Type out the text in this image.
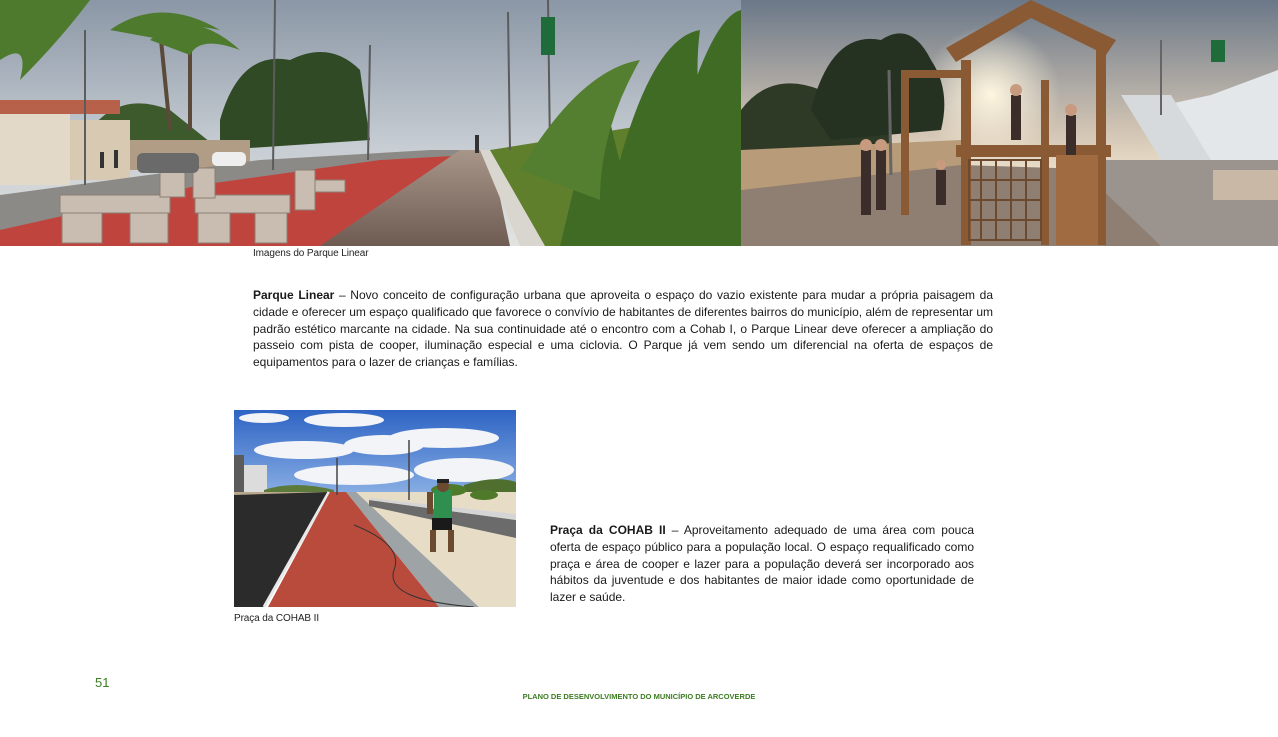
Imagens do Parque Linear
Parque Linear – Novo conceito de configuração urbana que aproveita o espaço do vazio existente para mudar a própria paisagem da cidade e oferecer um espaço qualificado que favorece o convívio de habitantes de diferentes bairros do município, além de representar um padrão estético marcante na cidade. Na sua continuidade até o encontro com a Cohab I, o Parque Linear deve oferecer a ampliação do passeio com pista de cooper, iluminação especial e uma ciclovia. O Parque já vem sendo um diferencial na oferta de espaços de equipamentos para o lazer de crianças e famílias.
Praça da COHAB II
Praça da COHAB II – Aproveitamento adequado de uma área com pouca oferta de espaço público para a população local. O espaço requalificado como praça e área de cooper e lazer para a população deverá ser incorporado aos hábitos da juventude e dos habitantes de maior idade como oportunidade de lazer e saúde.
51
PLANO DE DESENVOLVIMENTO DO MUNICÍPIO DE ARCOVERDE
